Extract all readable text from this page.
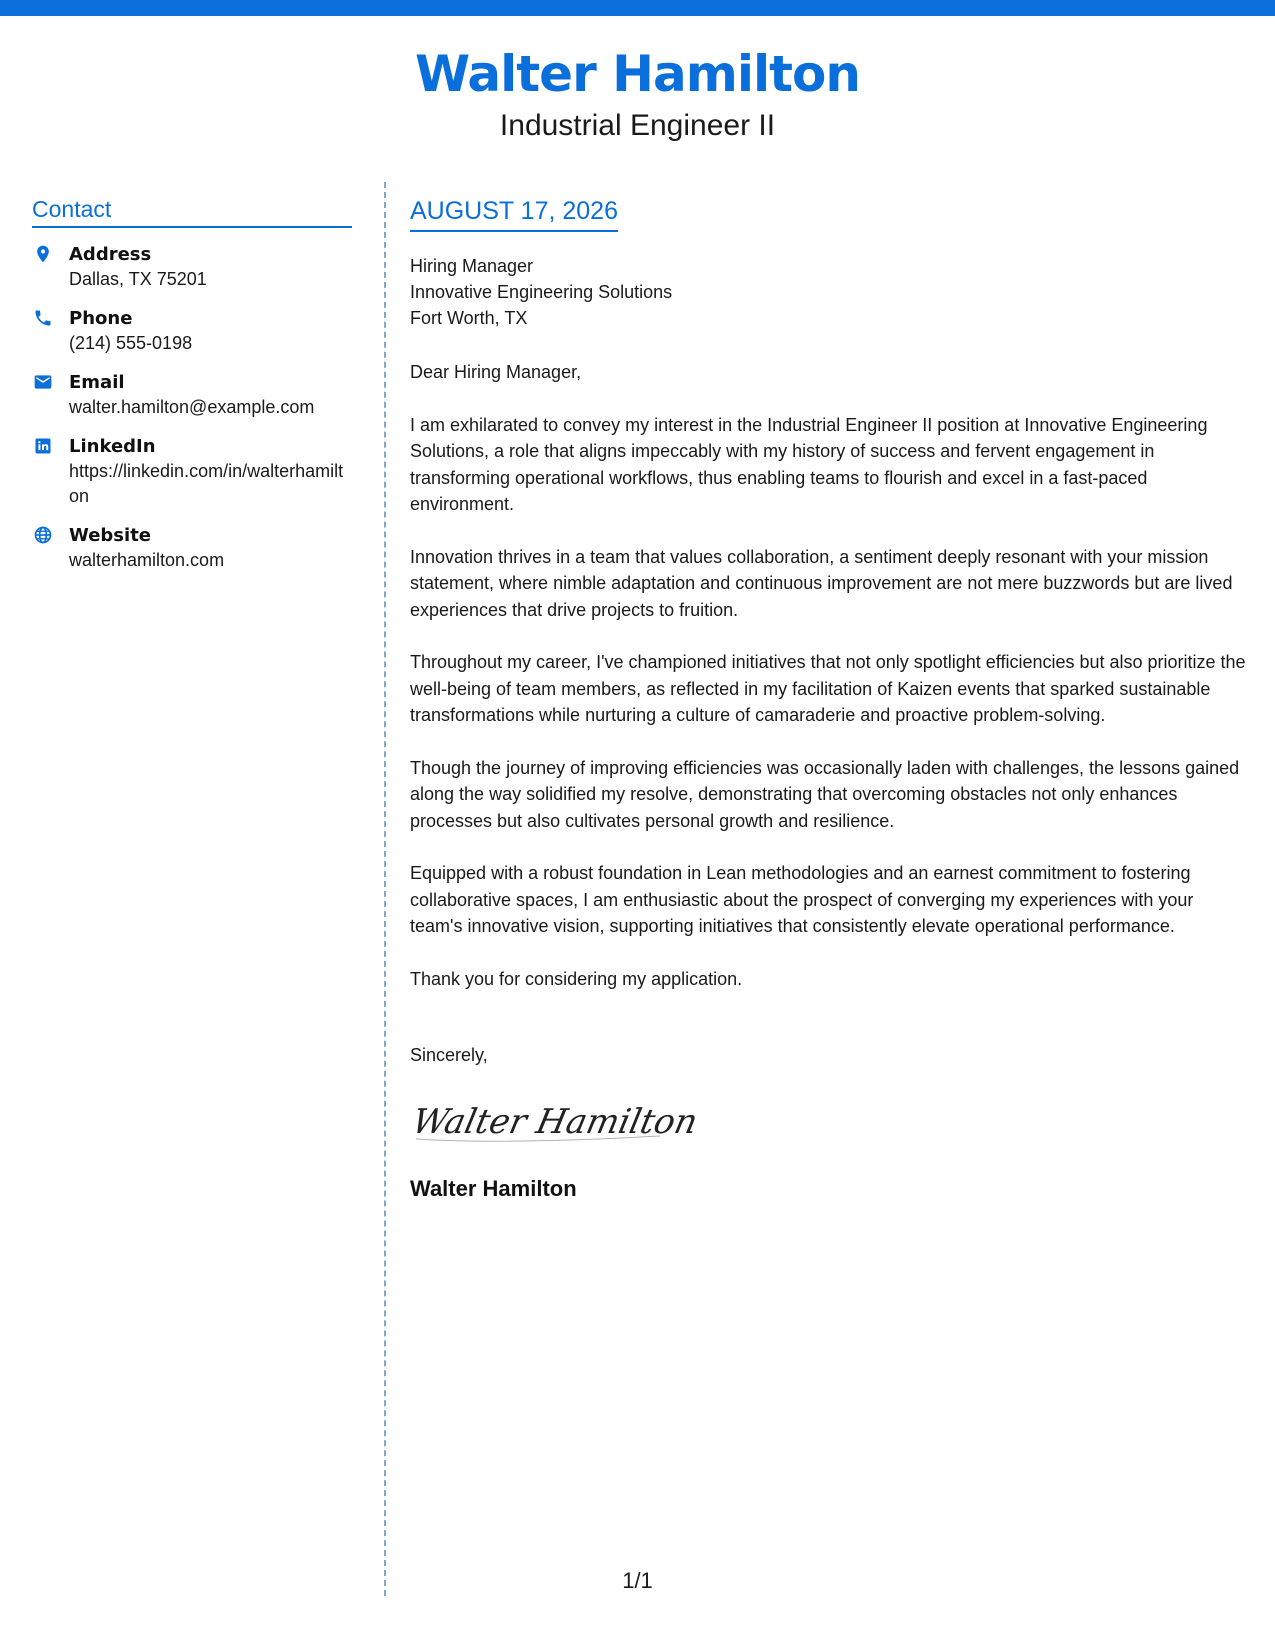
Walter Hamilton
Industrial Engineer II
Contact
Address
Dallas, TX 75201
Phone
(214) 555-0198
Email
walter.hamilton@example.com
LinkedIn
https://linkedin.com/in/walterhamilton
Website
walterhamilton.com
AUGUST 17, 2026
Hiring Manager
Innovative Engineering Solutions
Fort Worth, TX
Dear Hiring Manager,

I am exhilarated to convey my interest in the Industrial Engineer II position at Innovative Engineering Solutions, a role that aligns impeccably with my history of success and fervent engagement in transforming operational workflows, thus enabling teams to flourish and excel in a fast-paced environment.

Innovation thrives in a team that values collaboration, a sentiment deeply resonant with your mission statement, where nimble adaptation and continuous improvement are not mere buzzwords but are lived experiences that drive projects to fruition.

Throughout my career, I've championed initiatives that not only spotlight efficiencies but also prioritize the well-being of team members, as reflected in my facilitation of Kaizen events that sparked sustainable transformations while nurturing a culture of camaraderie and proactive problem-solving.

Though the journey of improving efficiencies was occasionally laden with challenges, the lessons gained along the way solidified my resolve, demonstrating that overcoming obstacles not only enhances processes but also cultivates personal growth and resilience.

Equipped with a robust foundation in Lean methodologies and an earnest commitment to fostering collaborative spaces, I am enthusiastic about the prospect of converging my experiences with your team's innovative vision, supporting initiatives that consistently elevate operational performance.

Thank you for considering my application.

Sincerely,
Walter Hamilton
Walter Hamilton
1/1
